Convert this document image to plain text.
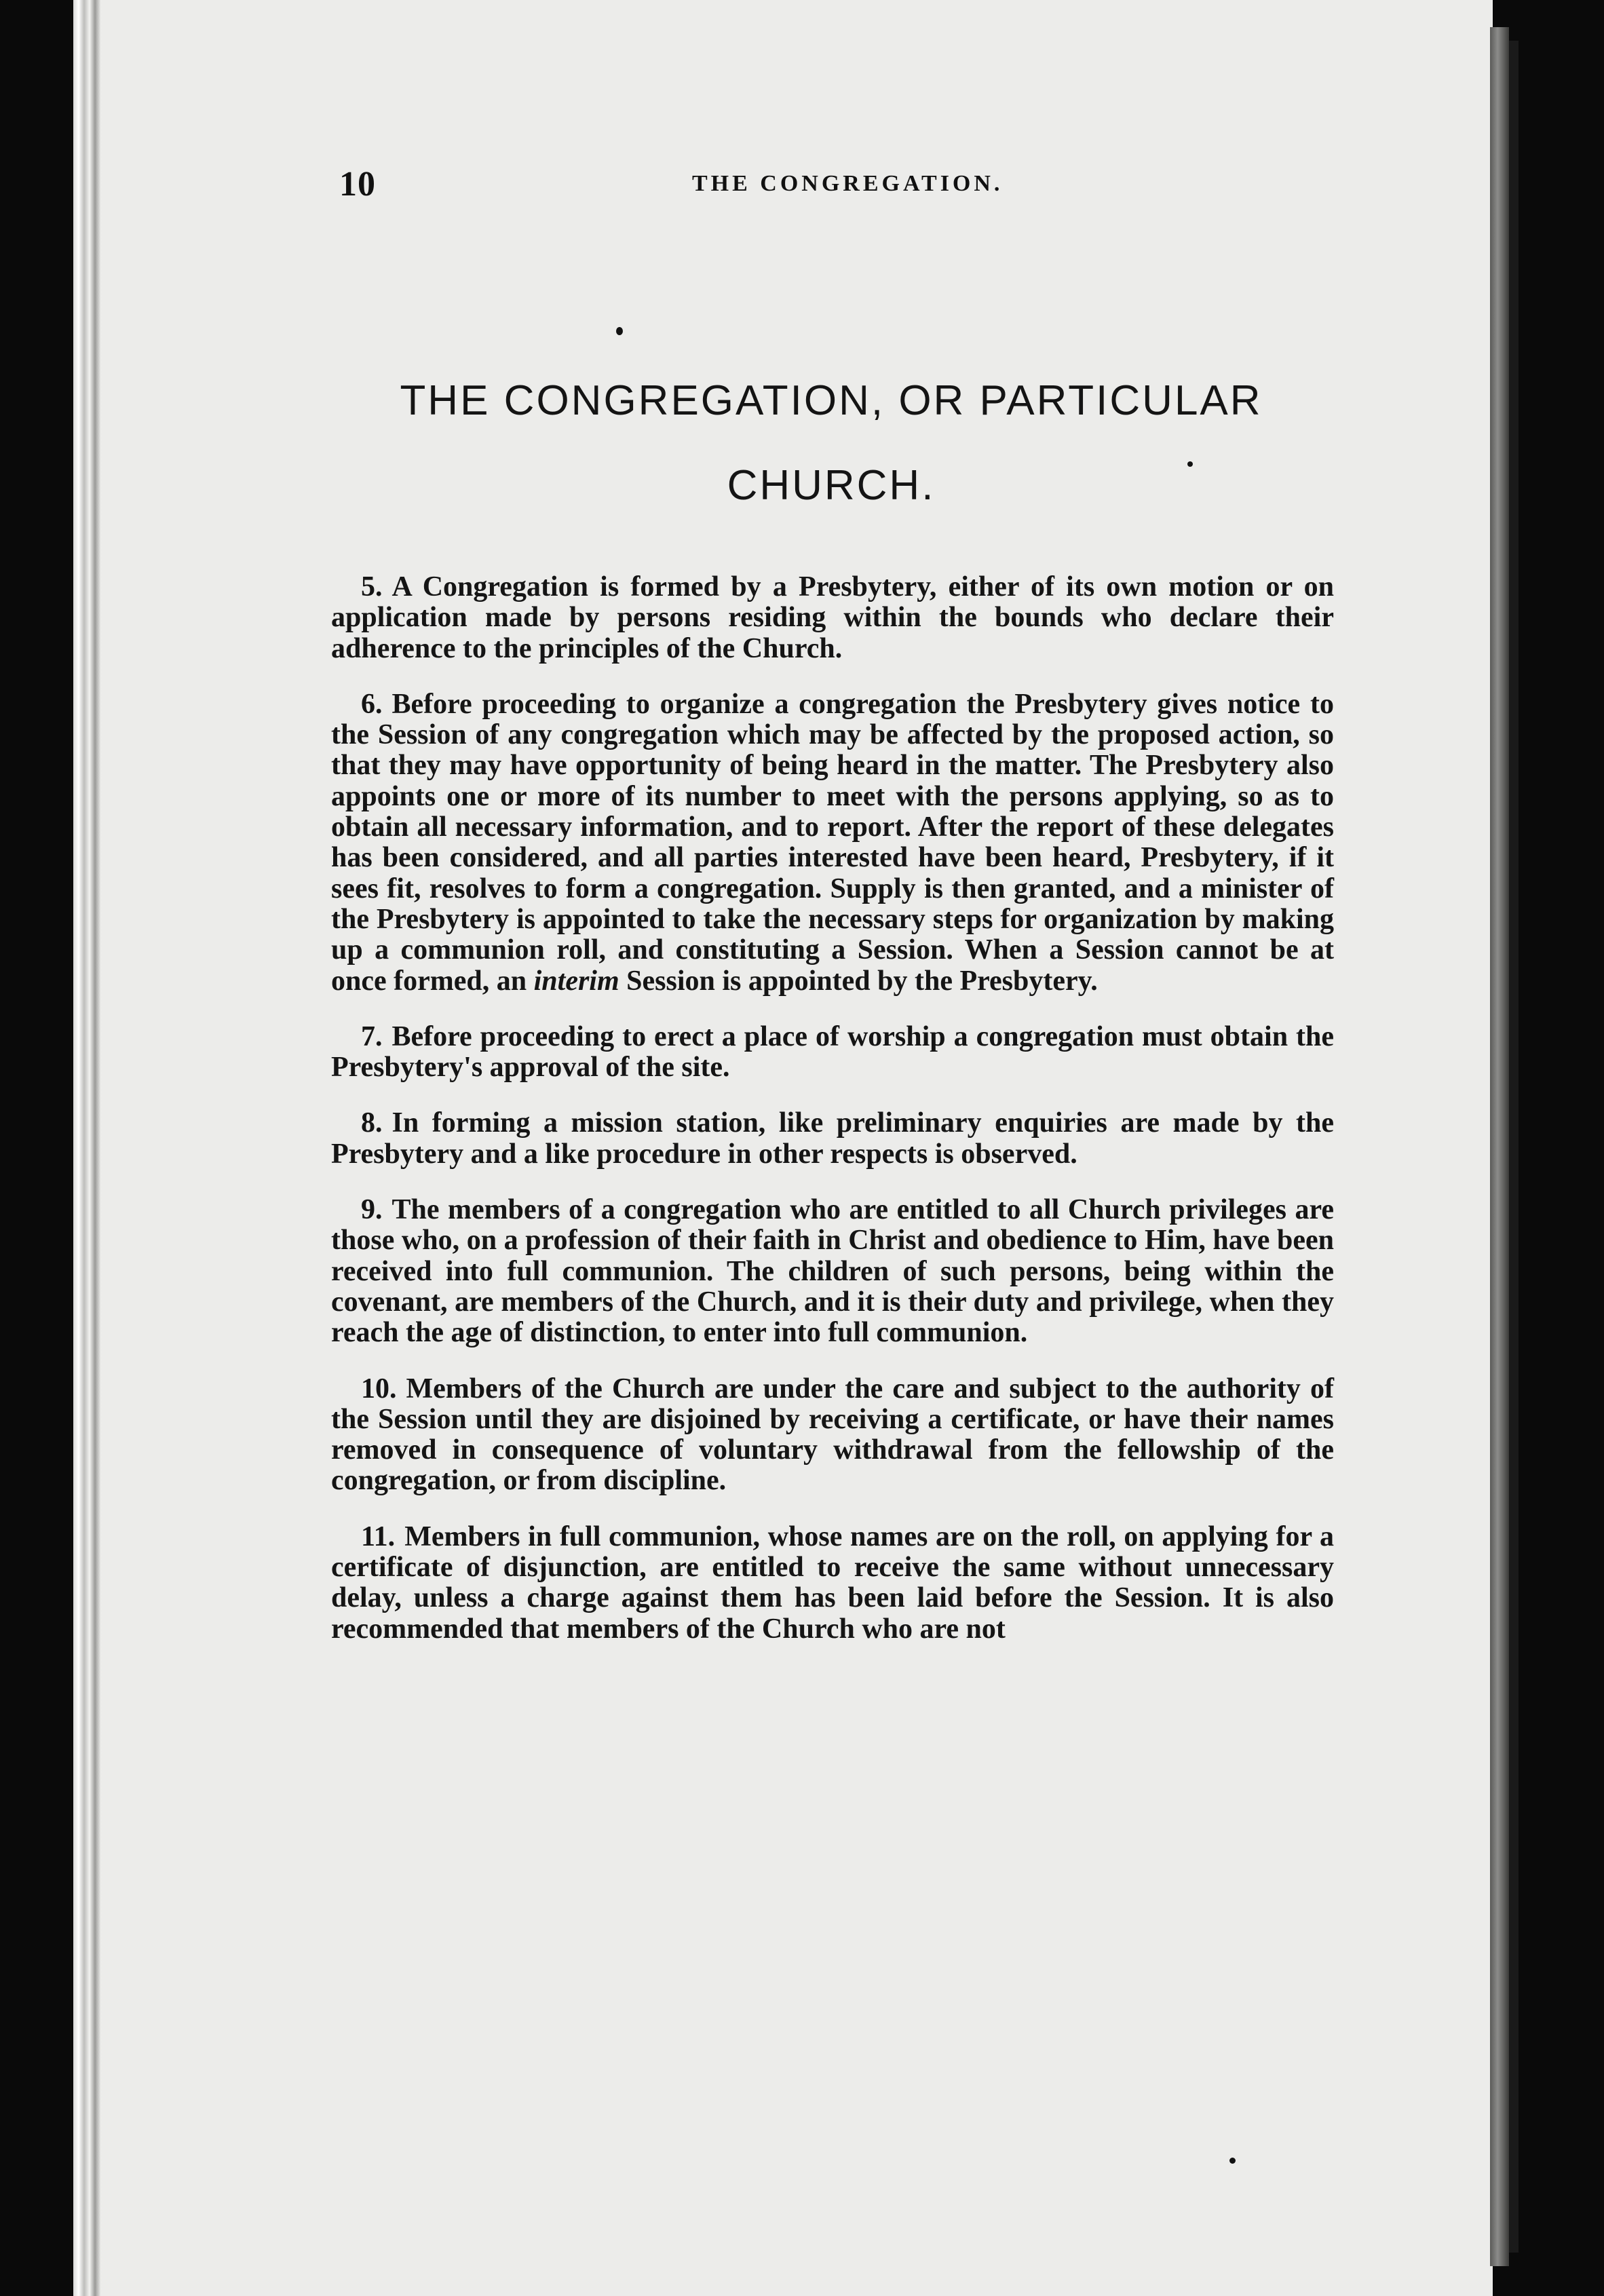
10	THE CONGREGATION.
THE CONGREGATION, OR PARTICULAR
CHURCH.

5. A Congregation is formed by a Presbytery, either of its own motion or on application made by persons residing within the bounds who declare their adherence to the principles of the Church.

6. Before proceeding to organize a congregation the Presbytery gives notice to the Session of any congregation which may be affected by the proposed action, so that they may have opportunity of being heard in the matter. The Presbytery also appoints one or more of its number to meet with the persons applying, so as to obtain all necessary information, and to report. After the report of these delegates has been considered, and all parties interested have been heard, Presbytery, if it sees fit, resolves to form a congregation. Supply is then granted, and a minister of the Presbytery is appointed to take the necessary steps for organization by making up a communion roll, and constituting a Session. When a Session cannot be at once formed, an interim Session is appointed by the Presbytery.

7. Before proceeding to erect a place of worship a congregation must obtain the Presbytery's approval of the site.

8. In forming a mission station, like preliminary enquiries are made by the Presbytery and a like procedure in other respects is observed.

9. The members of a congregation who are entitled to all Church privileges are those who, on a profession of their faith in Christ and obedience to Him, have been received into full communion. The children of such persons, being within the covenant, are members of the Church, and it is their duty and privilege, when they reach the age of distinction, to enter into full communion.

10. Members of the Church are under the care and subject to the authority of the Session until they are disjoined by receiving a certificate, or have their names removed in consequence of voluntary withdrawal from the fellowship of the congregation, or from discipline.

11. Members in full communion, whose names are on the roll, on applying for a certificate of disjunction, are entitled to receive the same without unnecessary delay, unless a charge against them has been laid before the Session. It is also recommended that members of the Church who are not
